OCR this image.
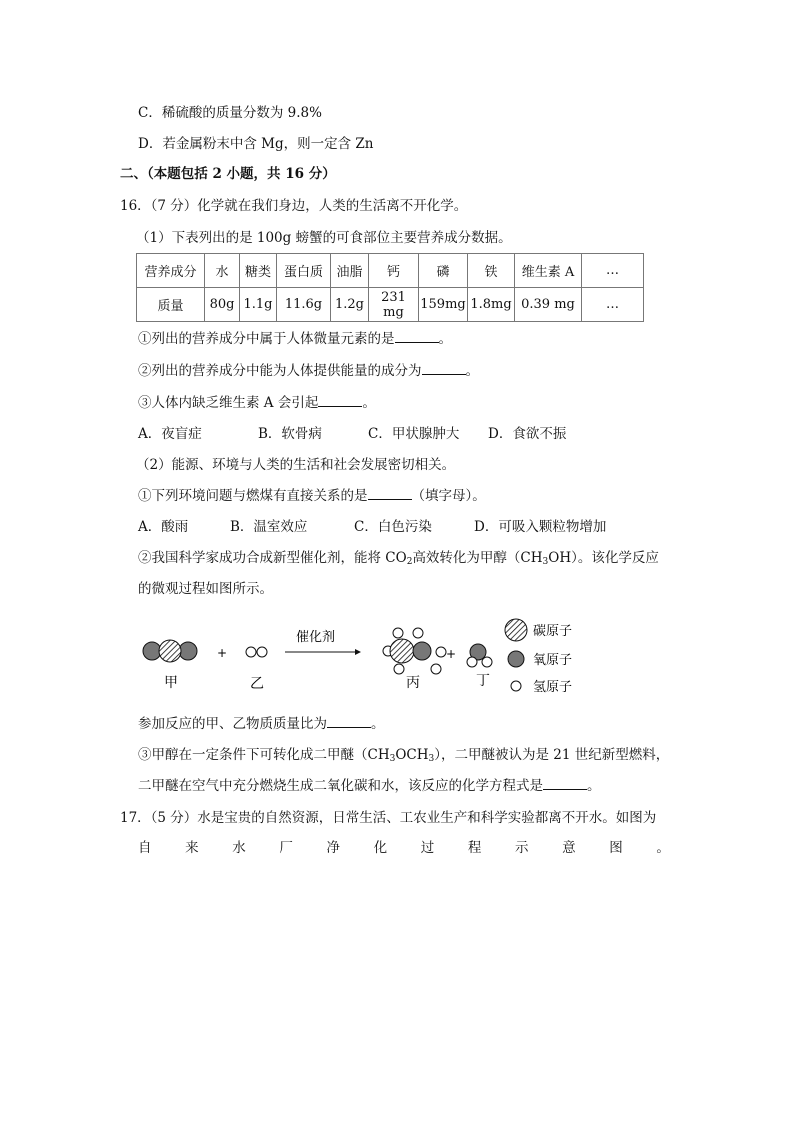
C．稀硫酸的质量分数为 9.8%
D．若金属粉末中含 Mg，则一定含 Zn
二、（本题包括 2 小题，共 16 分）
16．（7 分）化学就在我们身边，人类的生活离不开化学。
（1）下表列出的是 100g 螃蟹的可食部位主要营养成分数据。
营养成分	水	糖类	蛋白质	油脂	钙	磷	铁	维生素 A	…
质量	80g	1.1g	11.6g	1.2g	231 mg	159mg	1.8mg	0.39 mg	…
①列出的营养成分中属于人体微量元素的是	。
②列出的营养成分中能为人体提供能量的成分为	。
③人体内缺乏维生素 A 会引起	。
A．夜盲症	B．软骨病	C．甲状腺肿大 D．食欲不振
（2）能源、环境与人类的生活和社会发展密切相关。
①下列环境问题与燃煤有直接关系的是	（填字母）。
A．酸雨	B．温室效应	C．白色污染	D．可吸入颗粒物增加
②我国科学家成功合成新型催化剂，能将 $CO_2$高效转化为甲醇$(CH_3OH)$。该化学反应
的微观过程如图所示。
+
催化剂
+
甲	乙	丙	丁
碳原子
氧原子
氢原子
参加反应的甲、乙物质质量比为	。
③甲醇在一定条件下可转化成二甲醚$(CH_3OCH_3)$，二甲醚被认为是 21 世纪新型燃料，
二甲醚在空气中充分燃烧生成二氧化碳和水，该反应的化学方程式是	。
17．（5 分）水是宝贵的自然资源，日常生活、工农业生产和科学实验都离不开水。如图为
自 来 水 厂 净 化 过 程 示 意 图 。
